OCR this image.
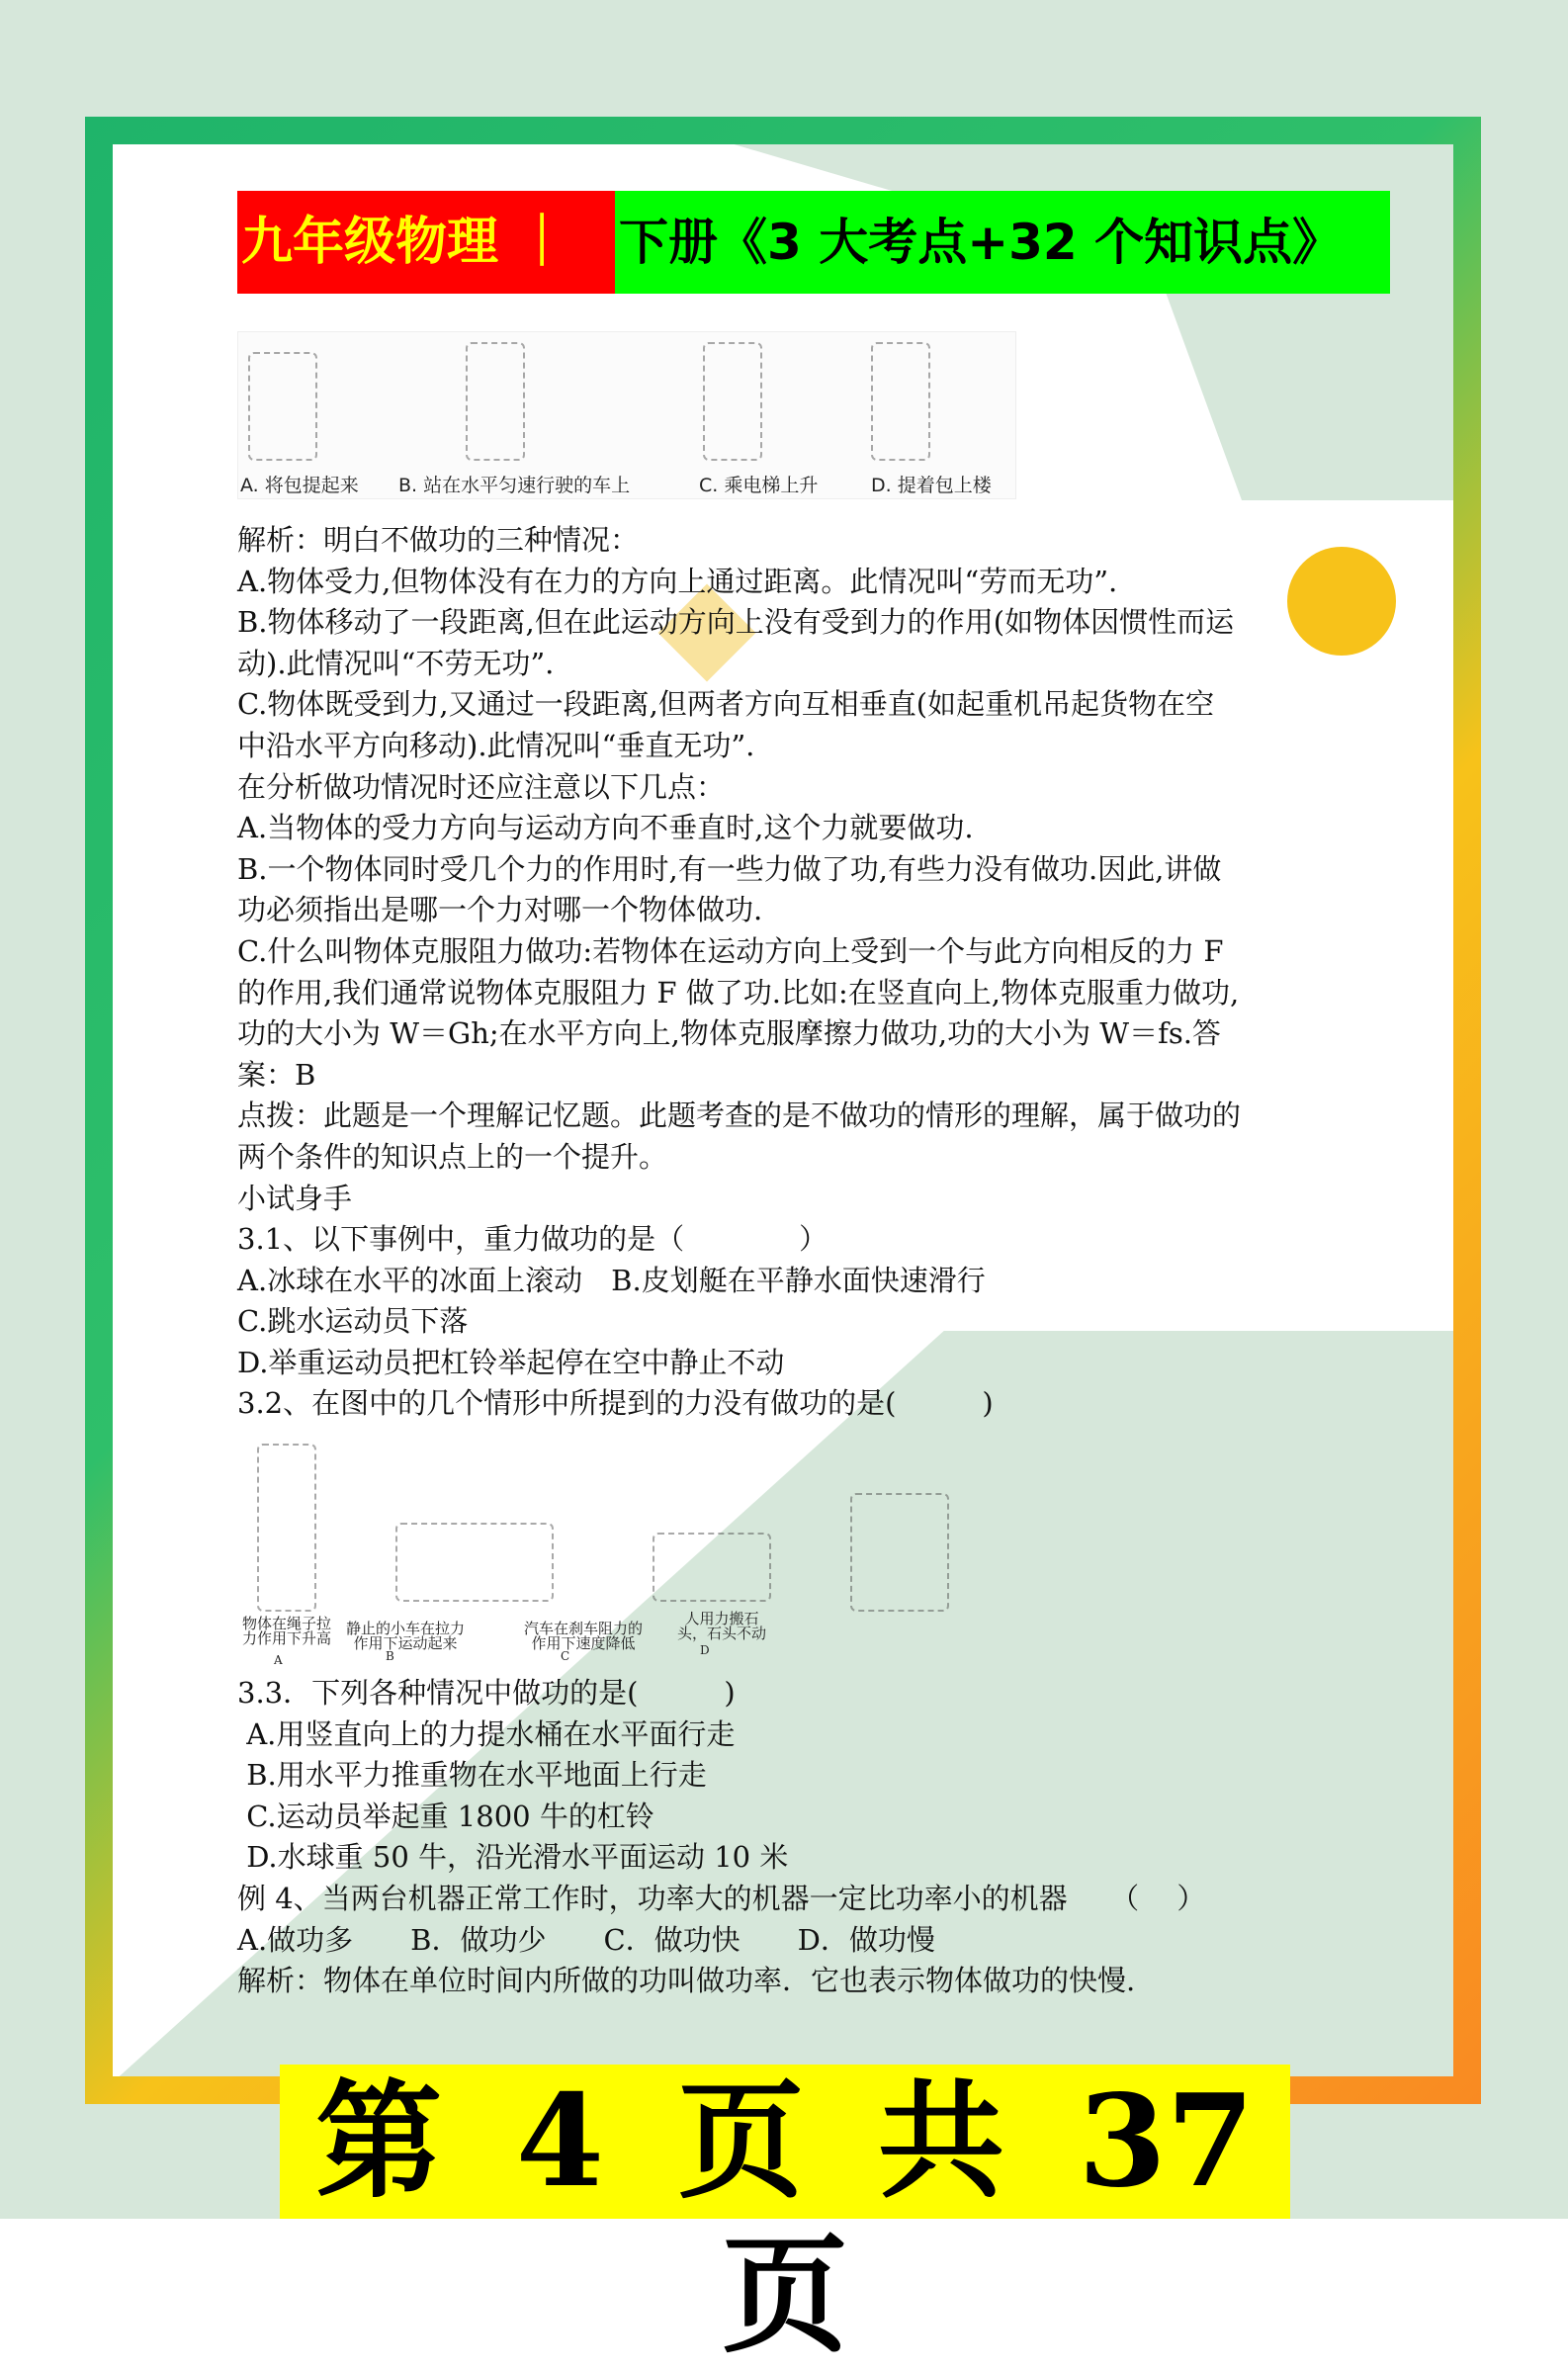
九年级物理 ｜	下册《3 大考点+32 个知识点》
A. 将包提起来 B. 站在水平匀速行驶的车上	C. 乘电梯上升	D. 提着包上楼
解析：明白不做功的三种情况：
A.物体受力,但物体没有在力的方向上通过距离。此情况叫“劳而无功”.
B.物体移动了一段距离,但在此运动方向上没有受到力的作用(如物体因惯性而运
动).此情况叫“不劳无功”.
C.物体既受到力,又通过一段距离,但两者方向互相垂直(如起重机吊起货物在空
中沿水平方向移动).此情况叫“垂直无功”.
在分析做功情况时还应注意以下几点：
A.当物体的受力方向与运动方向不垂直时,这个力就要做功.
B.一个物体同时受几个力的作用时,有一些力做了功,有些力没有做功.因此,讲做
功必须指出是哪一个力对哪一个物体做功.
C.什么叫物体克服阻力做功:若物体在运动方向上受到一个与此方向相反的力 F
的作用,我们通常说物体克服阻力 F 做了功.比如:在竖直向上,物体克服重力做功,
功的大小为 W＝Gh;在水平方向上,物体克服摩擦力做功,功的大小为 W＝fs.答
案：B
点拨：此题是一个理解记忆题。此题考查的是不做功的情形的理解，属于做功的
两个条件的知识点上的一个提升。
小试身手
3.1、以下事例中，重力做功的是（　　　　）
A.冰球在水平的冰面上滚动　B.皮划艇在平静水面快速滑行
C.跳水运动员下落
D.举重运动员把杠铃举起停在空中静止不动
3.2、在图中的几个情形中所提到的力没有做功的是(　　　)
物体在绳子拉
力作用下升高
静止的小车在拉力
作用下运动起来
汽车在刹车阻力的
作用下速度降低
人用力搬石
头，石头不动
A	B	C	D
3.3．下列各种情况中做功的是(　　　)
A.用竖直向上的力提水桶在水平面行走
B.用水平力推重物在水平地面上行走
C.运动员举起重 1800 牛的杠铃
D.水球重 50 牛，沿光滑水平面运动 10 米
例 4、当两台机器正常工作时，功率大的机器一定比功率小的机器　　（　 ）
A.做功多　　B．做功少　　C．做功快　　D．做功慢
解析：物体在单位时间内所做的功叫做功率．它也表示物体做功的快慢.
第 4 页 共 37 页
